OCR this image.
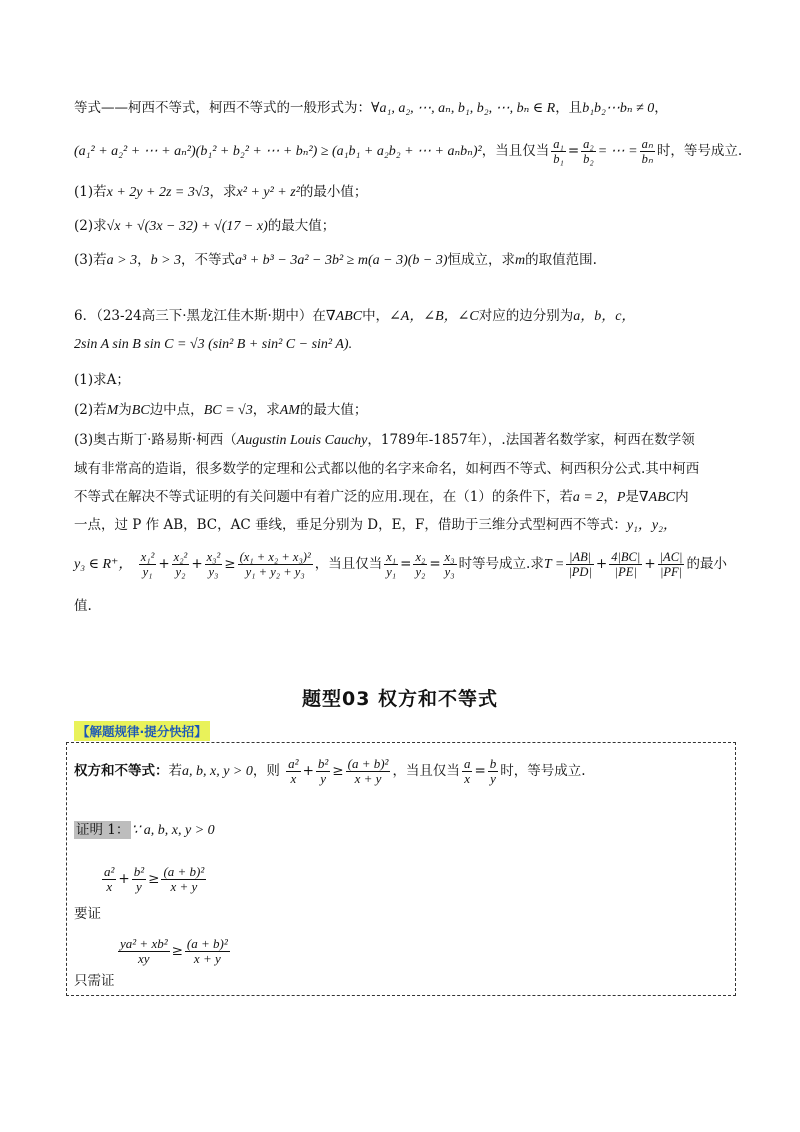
等式——柯西不等式，柯西不等式的一般形式为：∀a₁, a₂, ⋯, aₙ, b₁, b₂, ⋯, bₙ ∈ R，且b₁b₂⋯bₙ ≠ 0，
(a₁² + a₂² + ⋯ + aₙ²)(b₁² + b₂² + ⋯ + bₙ²) ≥ (a₁b₁ + a₂b₂ + ⋯ + aₙbₙ)²，当且仅当 $\frac{\text{a₁}}{\text{b₁}} = \frac{\text{a₂}}{\text{b₂}}$ = ⋯ = $\frac{\text{aₙ}}{\text{bₙ}}$ 时，等号成立.
(1)若x + 2y + 2z = 3√3，求x² + y² + z²的最小值；
(2)求√x + √(3x − 32) + √(17 − x)的最大值；
(3)若a > 3，b > 3，不等式a³ + b³ − 3a² − 3b² ≥ m(a − 3)(b − 3)恒成立，求m的取值范围.
6．（23-24高三下·黑龙江佳木斯·期中）在∇ABC中，∠A，∠B，∠C对应的边分别为a，b，c，
2sin A sin B sin C = √3 (sin² B + sin² C − sin² A).
(1)求A；
(2)若M为BC边中点，BC = √3，求AM的最大值；
(3)奥古斯丁·路易斯·柯西（Augustin Louis Cauchy，1789年-1857年），.法国著名数学家，柯西在数学领
域有非常高的造诣，很多数学的定理和公式都以他的名字来命名，如柯西不等式、柯西积分公式.其中柯西
不等式在解决不等式证明的有关问题中有着广泛的应用.现在，在（1）的条件下，若a = 2，P是∇ABC内
一点，过 P 作 AB，BC，AC 垂线，垂足分别为 D，E，F，借助于三维分式型柯西不等式：y₁，y₂，
y₃ ∈ R⁺， $\frac{\text{x₁²}}{\text{y₁}} + \frac{\text{x₂²}}{\text{y₂}} + \frac{\text{x₃²}}{\text{y₃}} \ge \frac{\text{(x₁ + x₂ + x₃)²}}{\text{y₁ + y₂ + y₃}}$ ，当且仅当 $\frac{\text{x₁}}{\text{y₁}} = \frac{\text{x₂}}{\text{y₂}} = \frac{\text{x₃}}{\text{y₃}}$ 时等号成立.求$T = \frac{|AB|}{|PD|} + \frac{4|BC|}{|PE|} + \frac{|AC|}{|PF|}$ 的最小
值.
题型03 权方和不等式
【解题规律·提分快招】
权方和不等式：若a, b, x, y > 0，则 $\frac{\text{a²}}{x} + \frac{\text{b²}}{y} \ge \frac{\text{(a + b)²}}{x + y}$ ，当且仅当 $\frac{a}{x} = \frac{b}{y}$ 时，等号成立.
证明 1： ∵ a, b, x, y > 0
$\frac{\text{a²}}{x} + \frac{\text{b²}}{y} \ge \frac{\text{(a + b)²}}{x + y}$
要证
$\frac{\text{ya² + xb²}}{xy} \ge \frac{\text{(a + b)²}}{x + y}$
只需证
